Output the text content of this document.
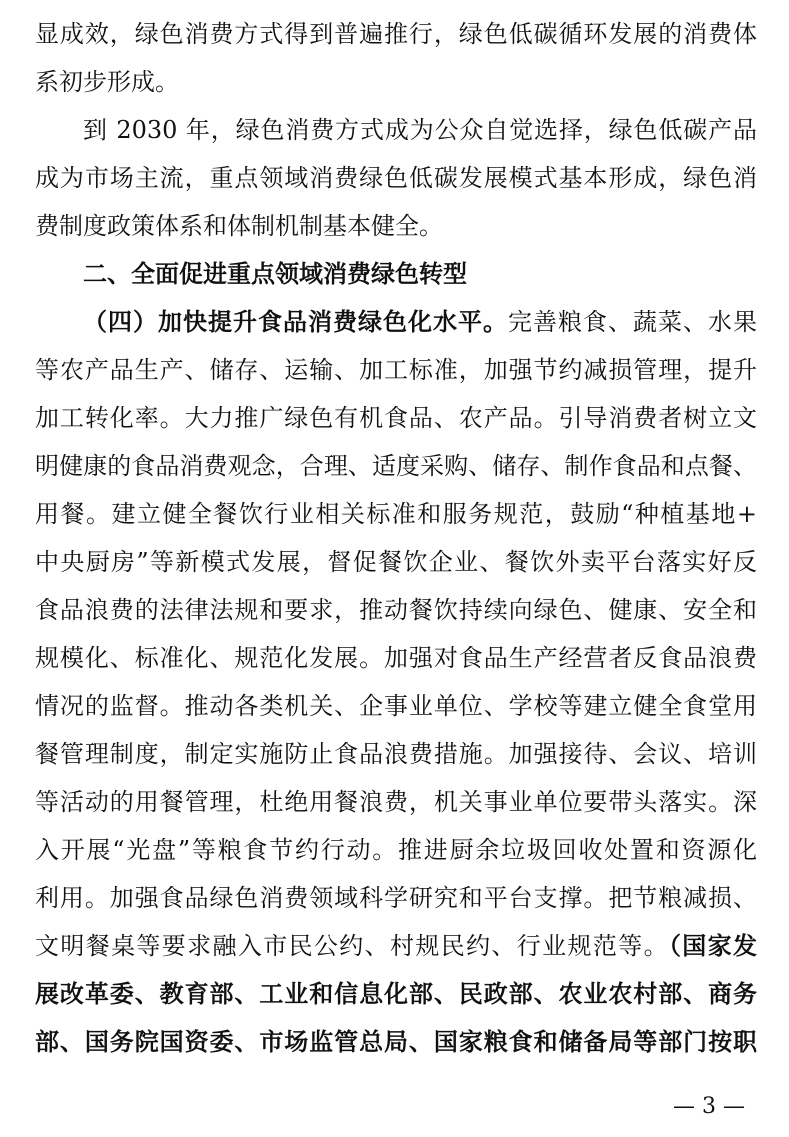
显成效，绿色消费方式得到普遍推行，绿色低碳循环发展的消费体
系初步形成。
到 2030 年，绿色消费方式成为公众自觉选择，绿色低碳产品
成为市场主流，重点领域消费绿色低碳发展模式基本形成，绿色消
费制度政策体系和体制机制基本健全。
二、全面促进重点领域消费绿色转型
（四）加快提升食品消费绿色化水平。完善粮食、蔬菜、水果
等农产品生产、储存、运输、加工标准，加强节约减损管理，提升
加工转化率。大力推广绿色有机食品、农产品。引导消费者树立文
明健康的食品消费观念，合理、适度采购、储存、制作食品和点餐、
用餐。建立健全餐饮行业相关标准和服务规范，鼓励“种植基地+
中央厨房”等新模式发展，督促餐饮企业、餐饮外卖平台落实好反
食品浪费的法律法规和要求，推动餐饮持续向绿色、健康、安全和
规模化、标准化、规范化发展。加强对食品生产经营者反食品浪费
情况的监督。推动各类机关、企事业单位、学校等建立健全食堂用
餐管理制度，制定实施防止食品浪费措施。加强接待、会议、培训
等活动的用餐管理，杜绝用餐浪费，机关事业单位要带头落实。深
入开展“光盘”等粮食节约行动。推进厨余垃圾回收处置和资源化
利用。加强食品绿色消费领域科学研究和平台支撑。把节粮减损、
文明餐桌等要求融入市民公约、村规民约、行业规范等。（国家发
展改革委、教育部、工业和信息化部、民政部、农业农村部、商务
部、国务院国资委、市场监管总局、国家粮食和储备局等部门按职
— 3 —
